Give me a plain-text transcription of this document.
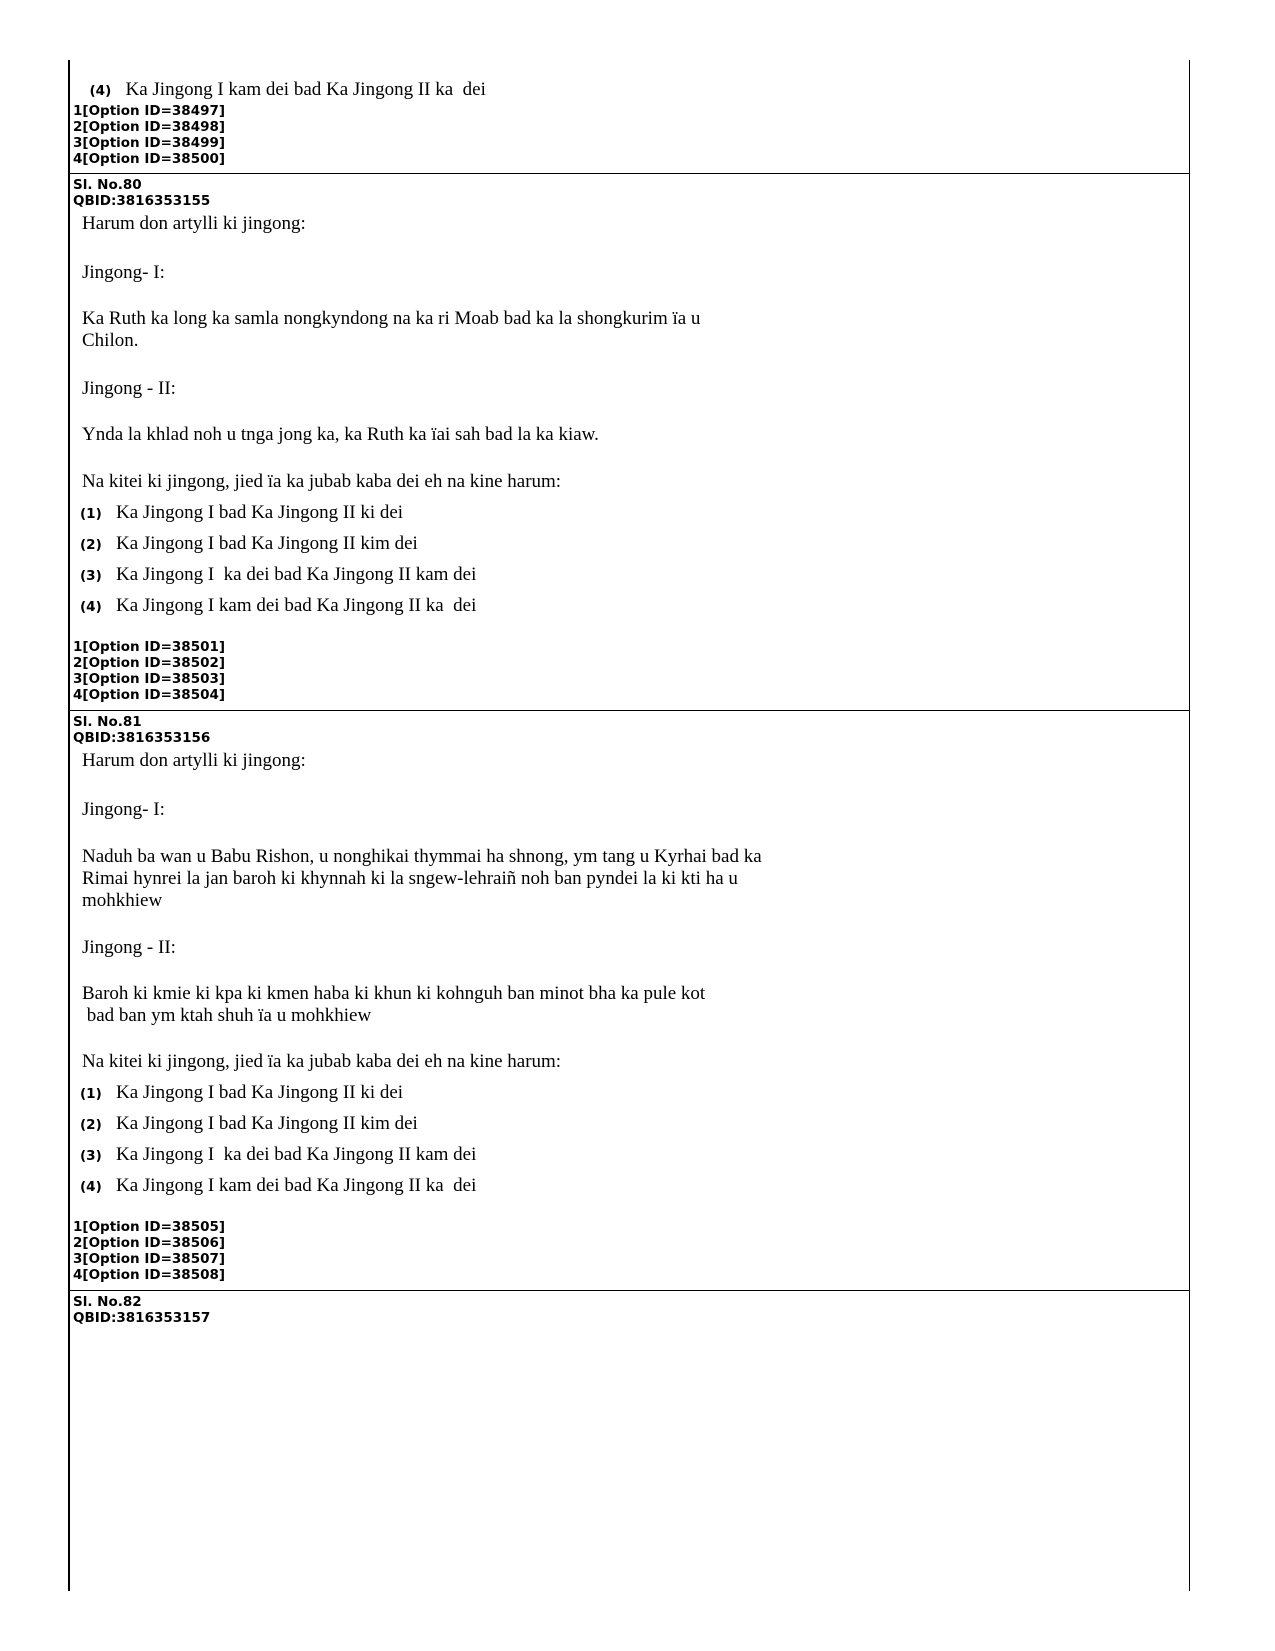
(4) Ka Jingong I kam dei bad Ka Jingong II ka  dei

1[Option ID=38497]
2[Option ID=38498]
3[Option ID=38499]
4[Option ID=38500]
Sl. No.80
QBID:3816353155
Harum don artylli ki jingong:
Jingong- I:
Ka Ruth ka long ka samla nongkyndong na ka ri Moab bad ka la shongkurim ïa u
Chilon.
Jingong - II:
Ynda la khlad noh u tnga jong ka, ka Ruth ka ïai sah bad la ka kiaw.
Na kitei ki jingong, jied ïa ka jubab kaba dei eh na kine harum:
(1) Ka Jingong I bad Ka Jingong II ki dei
(2) Ka Jingong I bad Ka Jingong II kim dei
(3) Ka Jingong I  ka dei bad Ka Jingong II kam dei
(4) Ka Jingong I kam dei bad Ka Jingong II ka  dei
1[Option ID=38501]
2[Option ID=38502]
3[Option ID=38503]
4[Option ID=38504]
Sl. No.81
QBID:3816353156
Harum don artylli ki jingong:
Jingong- I:
Naduh ba wan u Babu Rishon, u nonghikai thymmai ha shnong, ym tang u Kyrhai bad ka
Rimai hynrei la jan baroh ki khynnah ki la sngew-lehraiñ noh ban pyndei la ki kti ha u
mohkhiew
Jingong - II:
Baroh ki kmie ki kpa ki kmen haba ki khun ki kohnguh ban minot bha ka pule kot
bad ban ym ktah shuh ïa u mohkhiew
Na kitei ki jingong, jied ïa ka jubab kaba dei eh na kine harum:
(1) Ka Jingong I bad Ka Jingong II ki dei
(2) Ka Jingong I bad Ka Jingong II kim dei
(3) Ka Jingong I  ka dei bad Ka Jingong II kam dei
(4) Ka Jingong I kam dei bad Ka Jingong II ka  dei
1[Option ID=38505]
2[Option ID=38506]
3[Option ID=38507]
4[Option ID=38508]
Sl. No.82
QBID:3816353157
